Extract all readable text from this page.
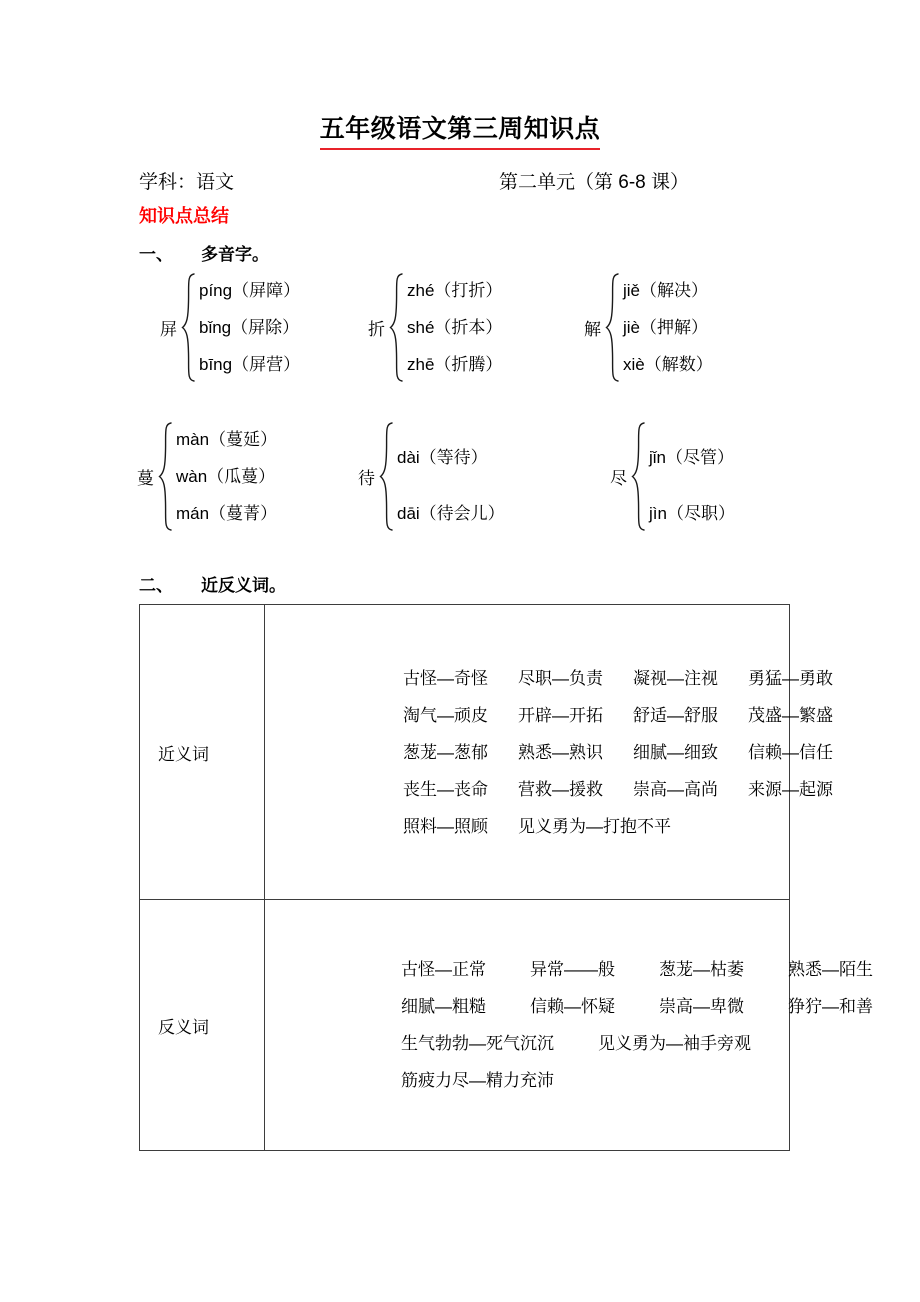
五年级语文第三周知识点
学科：语文	第二单元（第 6-8 课）
知识点总结
一、 多音字。
屏
píng（屏障）
bǐng（屏除）
bīng（屏营）
折
zhé（打折）
shé（折本）
zhē（折腾）
解
jiě（解决）
jiè（押解）
xiè（解数）
蔓
màn（蔓延）
wàn（瓜蔓）
mán（蔓菁）
待
dài（等待）
dāi（待会儿）
尽
jǐn（尽管）
jìn（尽职）
二、 近反义词。
近义词	古怪—奇怪 尽职—负责 凝视—注视 勇猛—勇敢
淘气—顽皮 开辟—开拓 舒适—舒服 茂盛—繁盛
葱茏—葱郁 熟悉—熟识 细腻—细致 信赖—信任
丧生—丧命 营救—援救 崇高—高尚 来源—起源
照料—照顾 见义勇为—打抱不平

反义词	古怪—正常 异常——般 葱茏—枯萎 熟悉—陌生
细腻—粗糙 信赖—怀疑 崇高—卑微 狰狞—和善
生气勃勃—死气沉沉 见义勇为—袖手旁观
筋疲力尽—精力充沛
